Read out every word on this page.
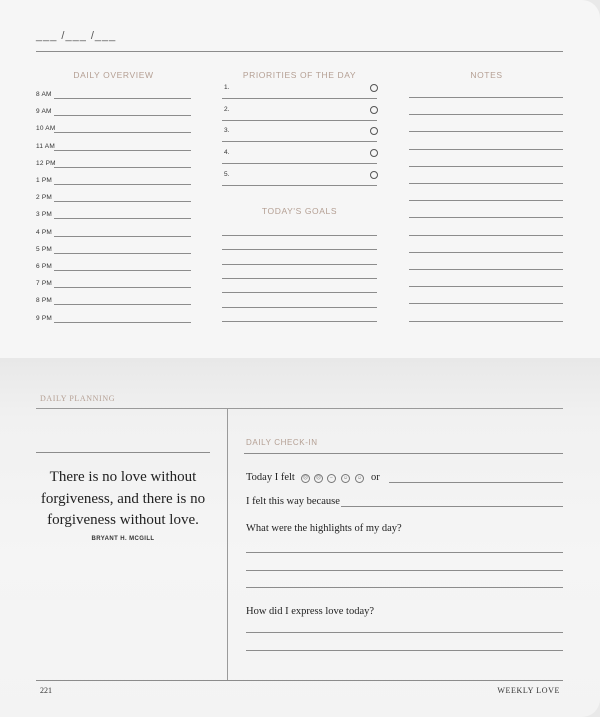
___ /___ /___
DAILY OVERVIEW	PRIORITIES OF THE DAY	NOTES
8 AM
9 AM
10 AM
11 AM
12 PM
1 PM
2 PM
3 PM
4 PM
5 PM
6 PM
7 PM
8 PM
9 PM
1.
2.
3.
4.
5.
TODAY'S GOALS
DAILY PLANNING
There is no love without forgiveness, and there is no forgiveness without love.
BRYANT H. MCGILL
DAILY CHECK-IN
Today I felt	☹	☹	−	☺	☺ or
I felt this way because
What were the highlights of my day?
How did I express love today?
221	WEEKLY LOVE
